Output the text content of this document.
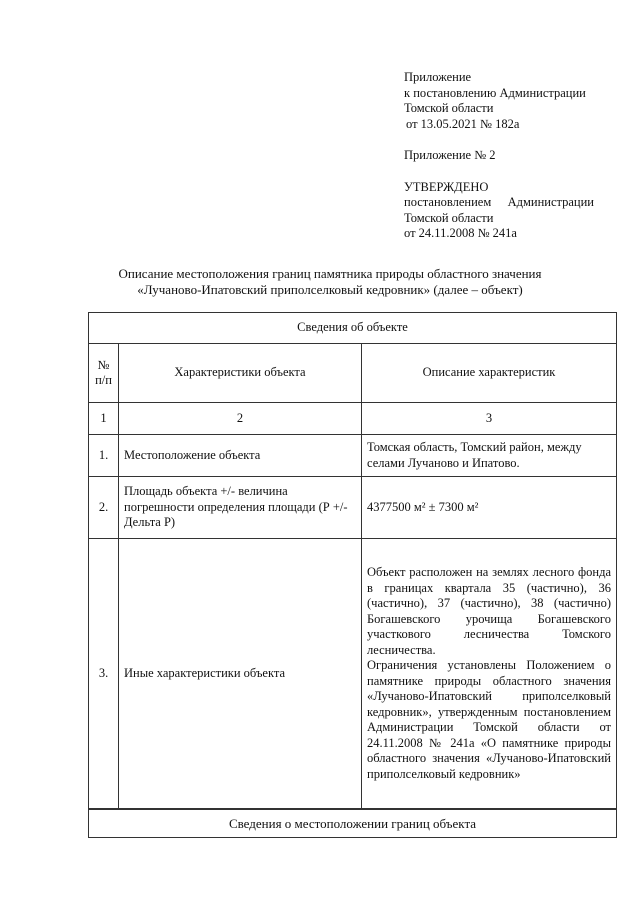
Приложение
к постановлению Администрации
Томской области
от 13.05.2021 № 182а
Приложение № 2
УТВЕРЖДЕНО
постановлением Администрации
Томской области
от 24.11.2008 № 241а
Описание местоположения границ памятника природы областного значения
«Лучаново-Ипатовский приполселковый кедровник» (далее – объект)
Сведения об объекте		
№ п/п	Характеристики объекта	Описание характеристик
1	2	3
1.	Местоположение объекта	Томская область, Томский район, между селами Лучаново и Ипатово.
2.	Площадь объекта +/- величина погрешности определения площади (Р +/- Дельта Р)	4377500 м² ± 7300 м²
3.	Иные характеристики объекта	Объект расположен на землях лесного фонда в границах квартала 35 (частично), 36 (частично), 37 (частично), 38 (частично) Богашевского урочища Богашевского участкового лесничества Томского лесничества.
Ограничения установлены Положением о памятнике природы областного значения «Лучаново-Ипатовский приполселковый кедровник», утвержденным постановлением Администрации Томской области от 24.11.2008 № 241а «О памятнике природы областного значения «Лучаново-Ипатовский приполселковый кедровник»
Сведения о местоположении границ объекта
